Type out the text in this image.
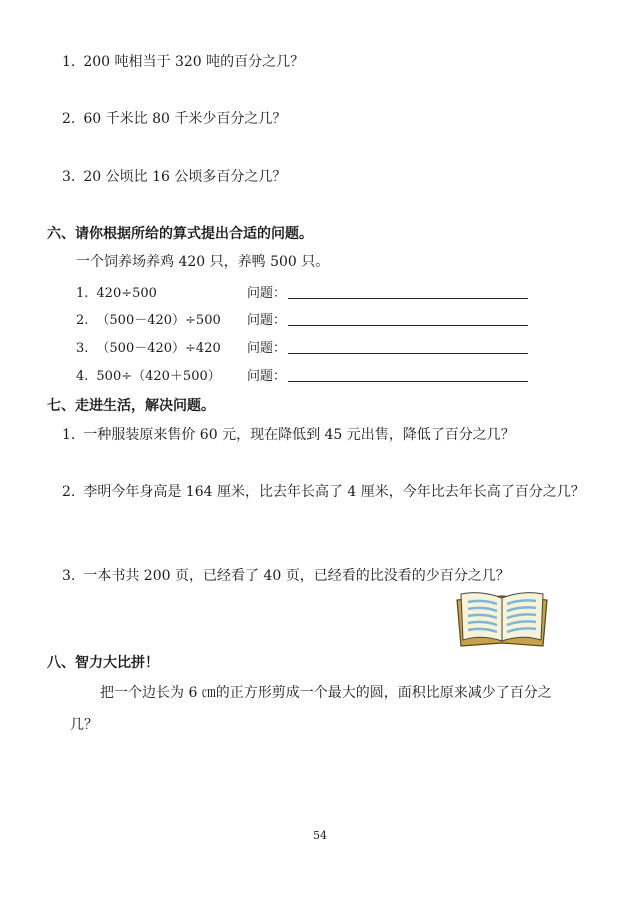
1. 200 吨相当于 320 吨的百分之几？
2. 60 千米比 80 千米少百分之几？
3. 20 公顷比 16 公顷多百分之几？
六、请你根据所给的算式提出合适的问题。
一个饲养场养鸡 420 只，养鸭 500 只。
1. 420÷500	问题：
2. （500－420）÷500 问题：
3. （500－420）÷420 问题：
4. 500÷（420＋500） 问题：
七、走进生活，解决问题。
1. 一种服装原来售价 60 元，现在降低到 45 元出售，降低了百分之几？
2. 李明今年身高是 164 厘米，比去年长高了 4 厘米，今年比去年长高了百分之几？
3. 一本书共 200 页，已经看了 40 页，已经看的比没看的少百分之几？
八、智力大比拼！
把一个边长为 6 ㎝的正方形剪成一个最大的圆，面积比原来减少了百分之
几？
54
